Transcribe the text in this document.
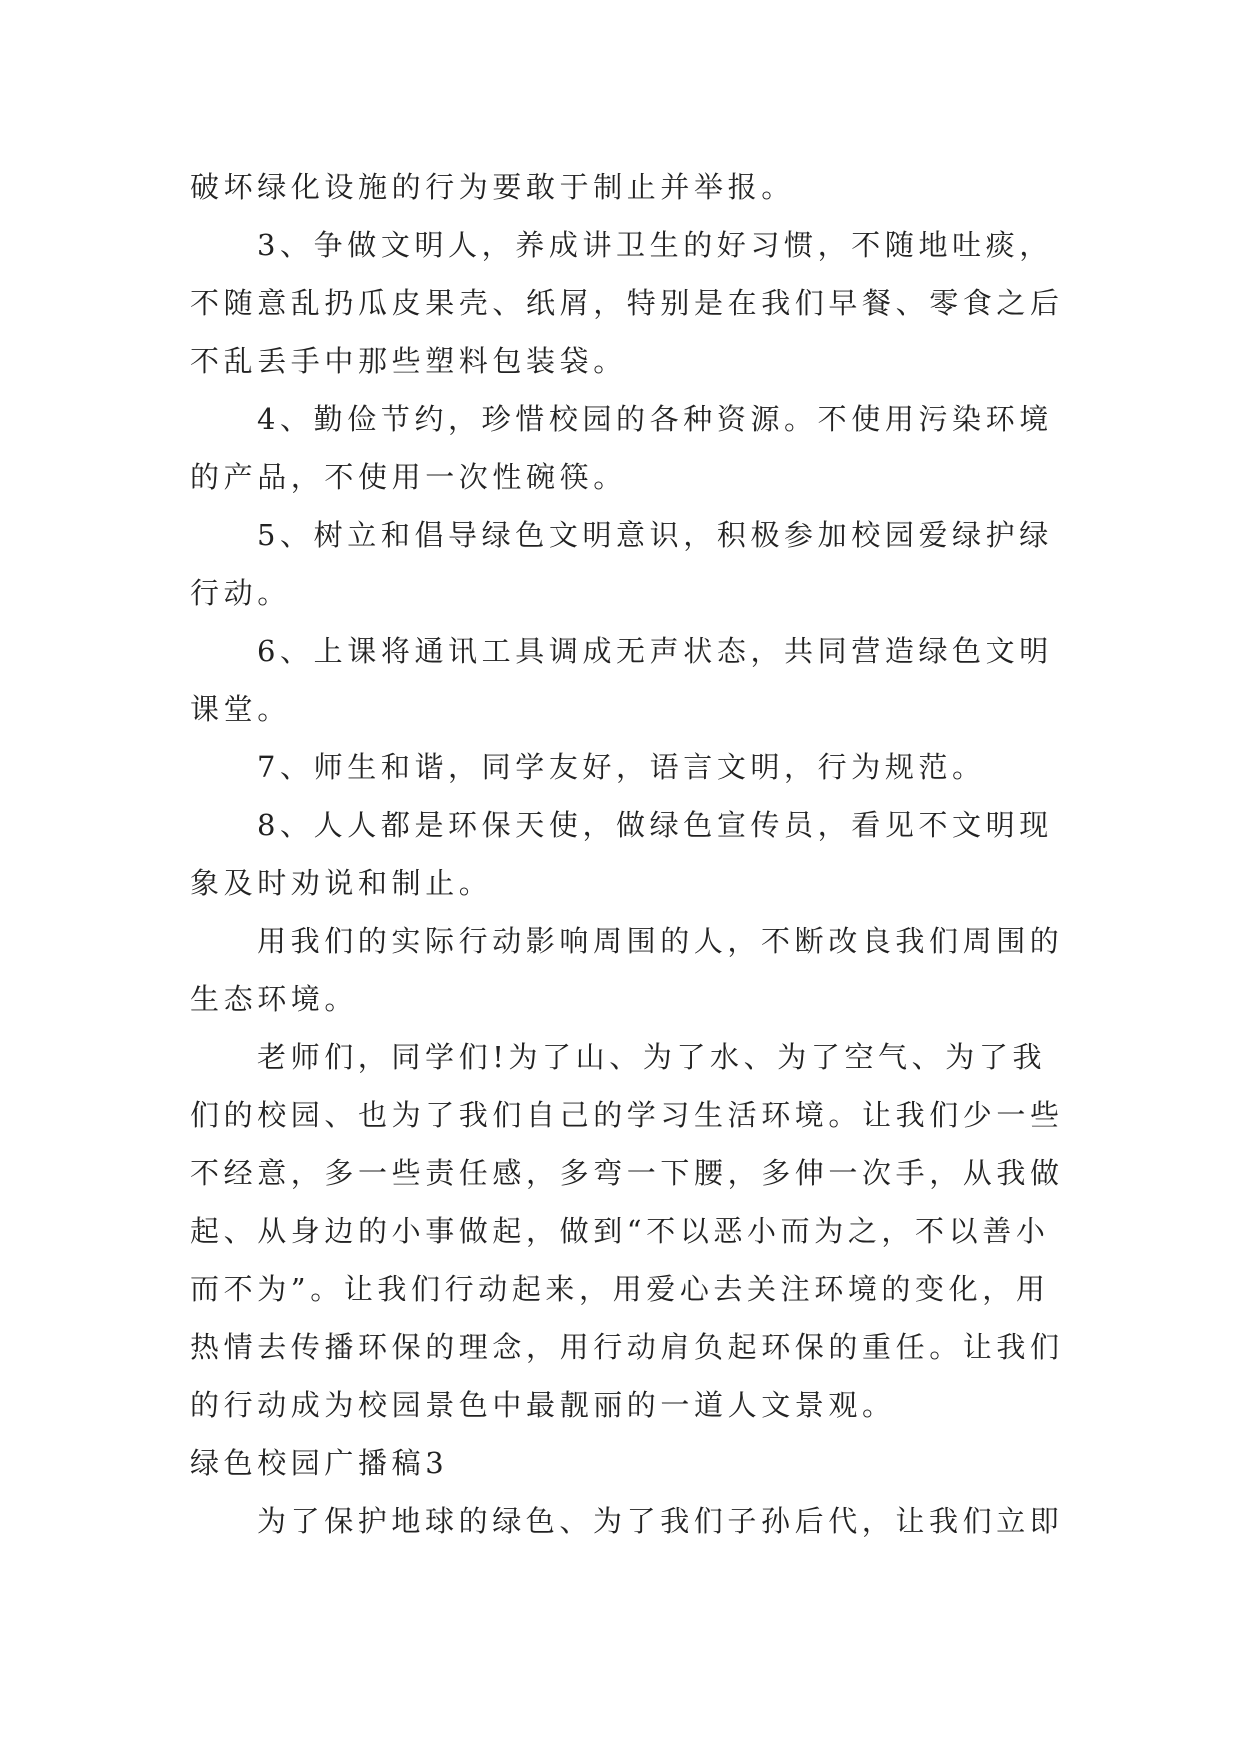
破坏绿化设施的行为要敢于制止并举报。

3、争做文明人，养成讲卫生的好习惯，不随地吐痰，

不随意乱扔瓜皮果壳、纸屑，特别是在我们早餐、零食之后

不乱丢手中那些塑料包装袋。

4、勤俭节约，珍惜校园的各种资源。不使用污染环境

的产品，不使用一次性碗筷。

5、树立和倡导绿色文明意识，积极参加校园爱绿护绿

行动。

6、上课将通讯工具调成无声状态，共同营造绿色文明

课堂。

7、师生和谐，同学友好，语言文明，行为规范。

8、人人都是环保天使，做绿色宣传员，看见不文明现

象及时劝说和制止。

用我们的实际行动影响周围的人，不断改良我们周围的

生态环境。

老师们，同学们!为了山、为了水、为了空气、为了我

们的校园、也为了我们自己的学习生活环境。让我们少一些

不经意，多一些责任感，多弯一下腰，多伸一次手，从我做

起、从身边的小事做起，做到“不以恶小而为之，不以善小

而不为”。让我们行动起来，用爱心去关注环境的变化，用

热情去传播环保的理念，用行动肩负起环保的重任。让我们

的行动成为校园景色中最靓丽的一道人文景观。

绿色校园广播稿3

为了保护地球的绿色、为了我们子孙后代，让我们立即
